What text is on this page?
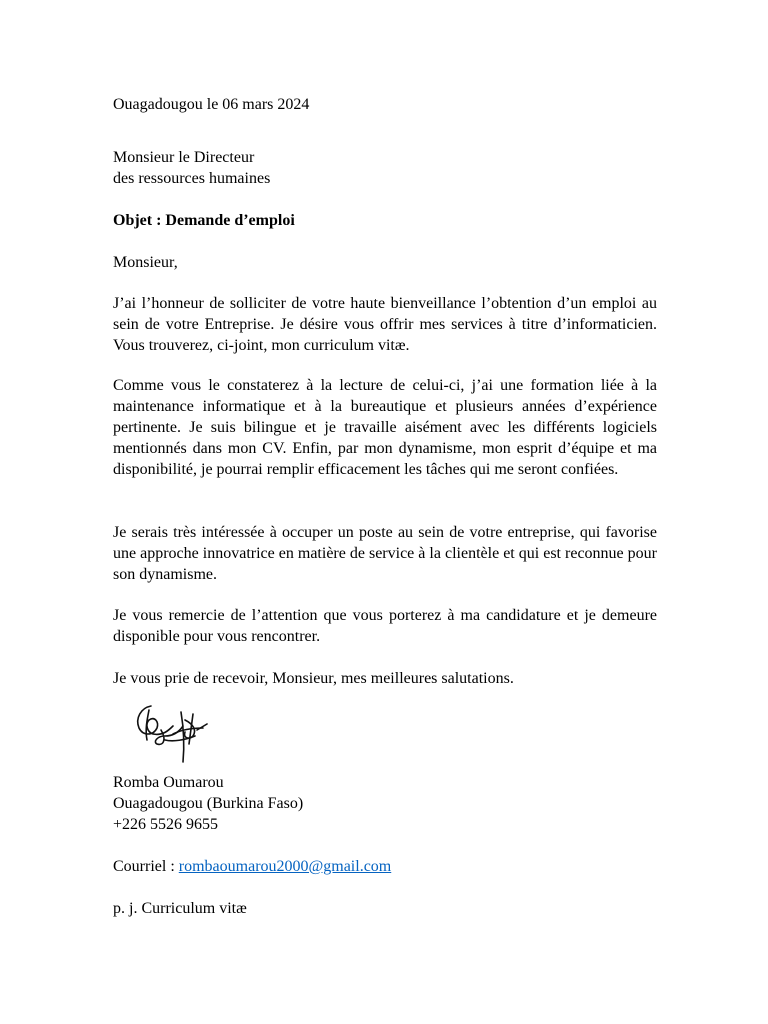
Ouagadougou le 06 mars 2024
Monsieur le Directeur
des ressources humaines
Objet : Demande d’emploi
Monsieur,
J’ai l’honneur de solliciter de votre haute bienveillance l’obtention d’un emploi au sein de votre Entreprise. Je désire vous offrir mes services à titre d’informaticien. Vous trouverez, ci-joint, mon curriculum vitæ.
Comme vous le constaterez à la lecture de celui-ci, j’ai une formation liée à la maintenance informatique et à la bureautique et plusieurs années d’expérience pertinente. Je suis bilingue et je travaille aisément avec les différents logiciels mentionnés dans mon CV. Enfin, par mon dynamisme, mon esprit d’équipe et ma disponibilité, je pourrai remplir efficacement les tâches qui me seront confiées.
Je serais très intéressée à occuper un poste au sein de votre entreprise, qui favorise une approche innovatrice en matière de service à la clientèle et qui est reconnue pour son dynamisme.
Je vous remercie de l’attention que vous porterez à ma candidature et je demeure disponible pour vous rencontrer.
Je vous prie de recevoir, Monsieur, mes meilleures salutations.
Romba Oumarou
Ouagadougou (Burkina Faso)
+226 5526 9655
Courriel : rombaoumarou2000@gmail.com
p. j. Curriculum vitæ
